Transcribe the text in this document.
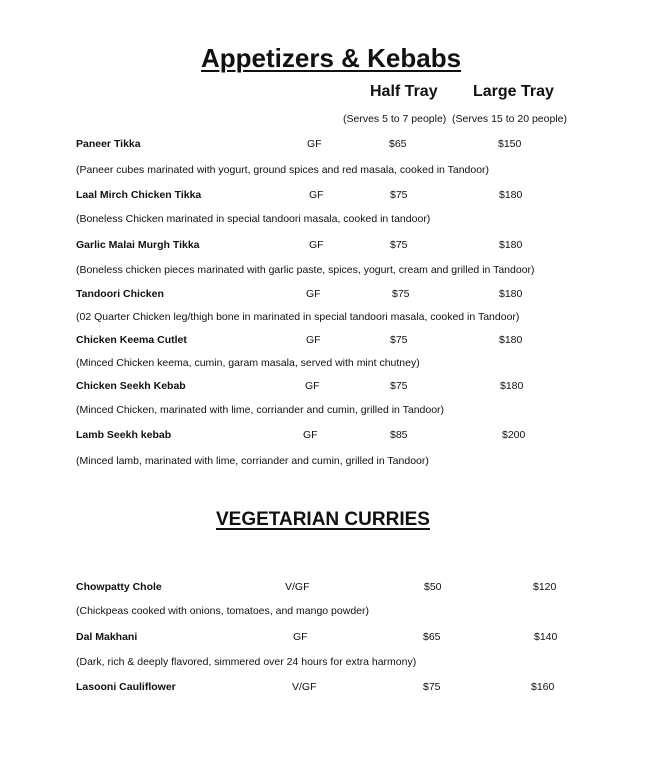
Appetizers & Kebabs
Half Tray Large Tray
(Serves 5 to 7 people) (Serves 15 to 20 people)
Paneer Tikka	GF	$65	$150
(Paneer cubes marinated with yogurt, ground spices and red masala, cooked in Tandoor)
Laal Mirch Chicken Tikka	GF	$75	$180
(Boneless Chicken marinated in special tandoori masala, cooked in tandoor)
Garlic Malai Murgh Tikka	GF	$75	$180
(Boneless chicken pieces marinated with garlic paste, spices, yogurt, cream and grilled in Tandoor)
Tandoori Chicken	GF	$75	$180
(02 Quarter Chicken leg/thigh bone in marinated in special tandoori masala, cooked in Tandoor)
Chicken Keema Cutlet	GF	$75	$180
(Minced Chicken keema, cumin, garam masala, served with mint chutney)
Chicken Seekh Kebab	GF	$75	$180
(Minced Chicken, marinated with lime, corriander and cumin, grilled in Tandoor)
Lamb Seekh kebab	GF	$85	$200
(Minced lamb, marinated with lime, corriander and cumin, grilled in Tandoor)
VEGETARIAN CURRIES
Chowpatty Chole	V/GF	$50	$120
(Chickpeas cooked with onions, tomatoes, and mango powder)
Dal Makhani	GF	$65	$140
(Dark, rich & deeply flavored, simmered over 24 hours for extra harmony)
Lasooni Cauliflower	V/GF	$75	$160
